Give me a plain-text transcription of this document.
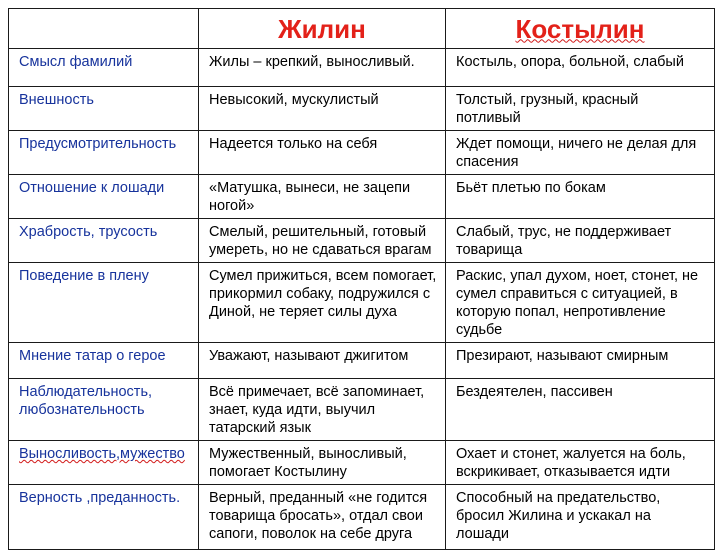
	Жилин	Костылин
Смысл фамилий	Жилы – крепкий, выносливый.	Костыль, опора, больной, слабый
Внешность	Невысокий, мускулистый	Толстый, грузный, красный потливый
Предусмотрительность	Надеется только на себя	Ждет помощи, ничего не делая для спасения
Отношение к лошади	«Матушка, вынеси, не зацепи ногой»	Бьёт плетью по бокам
Храбрость, трусость	Смелый, решительный, готовый умереть, но не сдаваться врагам	Слабый, трус, не поддерживает товарища
Поведение в плену	Сумел прижиться, всем помогает, прикормил собаку, подружился с Диной, не теряет силы духа	Раскис, упал духом, ноет, стонет, не сумел справиться с ситуацией, в которую попал, непротивление судьбе
Мнение татар о герое	Уважают, называют джигитом	Презирают, называют смирным
Наблюдательность, любознательность	Всё примечает, всё запоминает, знает, куда идти, выучил татарский язык	Бездеятелен, пассивен
Выносливость,мужество	Мужественный, выносливый, помогает Костылину	Охает и стонет, жалуется на боль, вскрикивает, отказывается идти
Верность ,преданность.	Верный, преданный «не годится товарища бросать», отдал свои сапоги, поволок на себе друга	Способный на предательство, бросил Жилина и ускакал на лошади
